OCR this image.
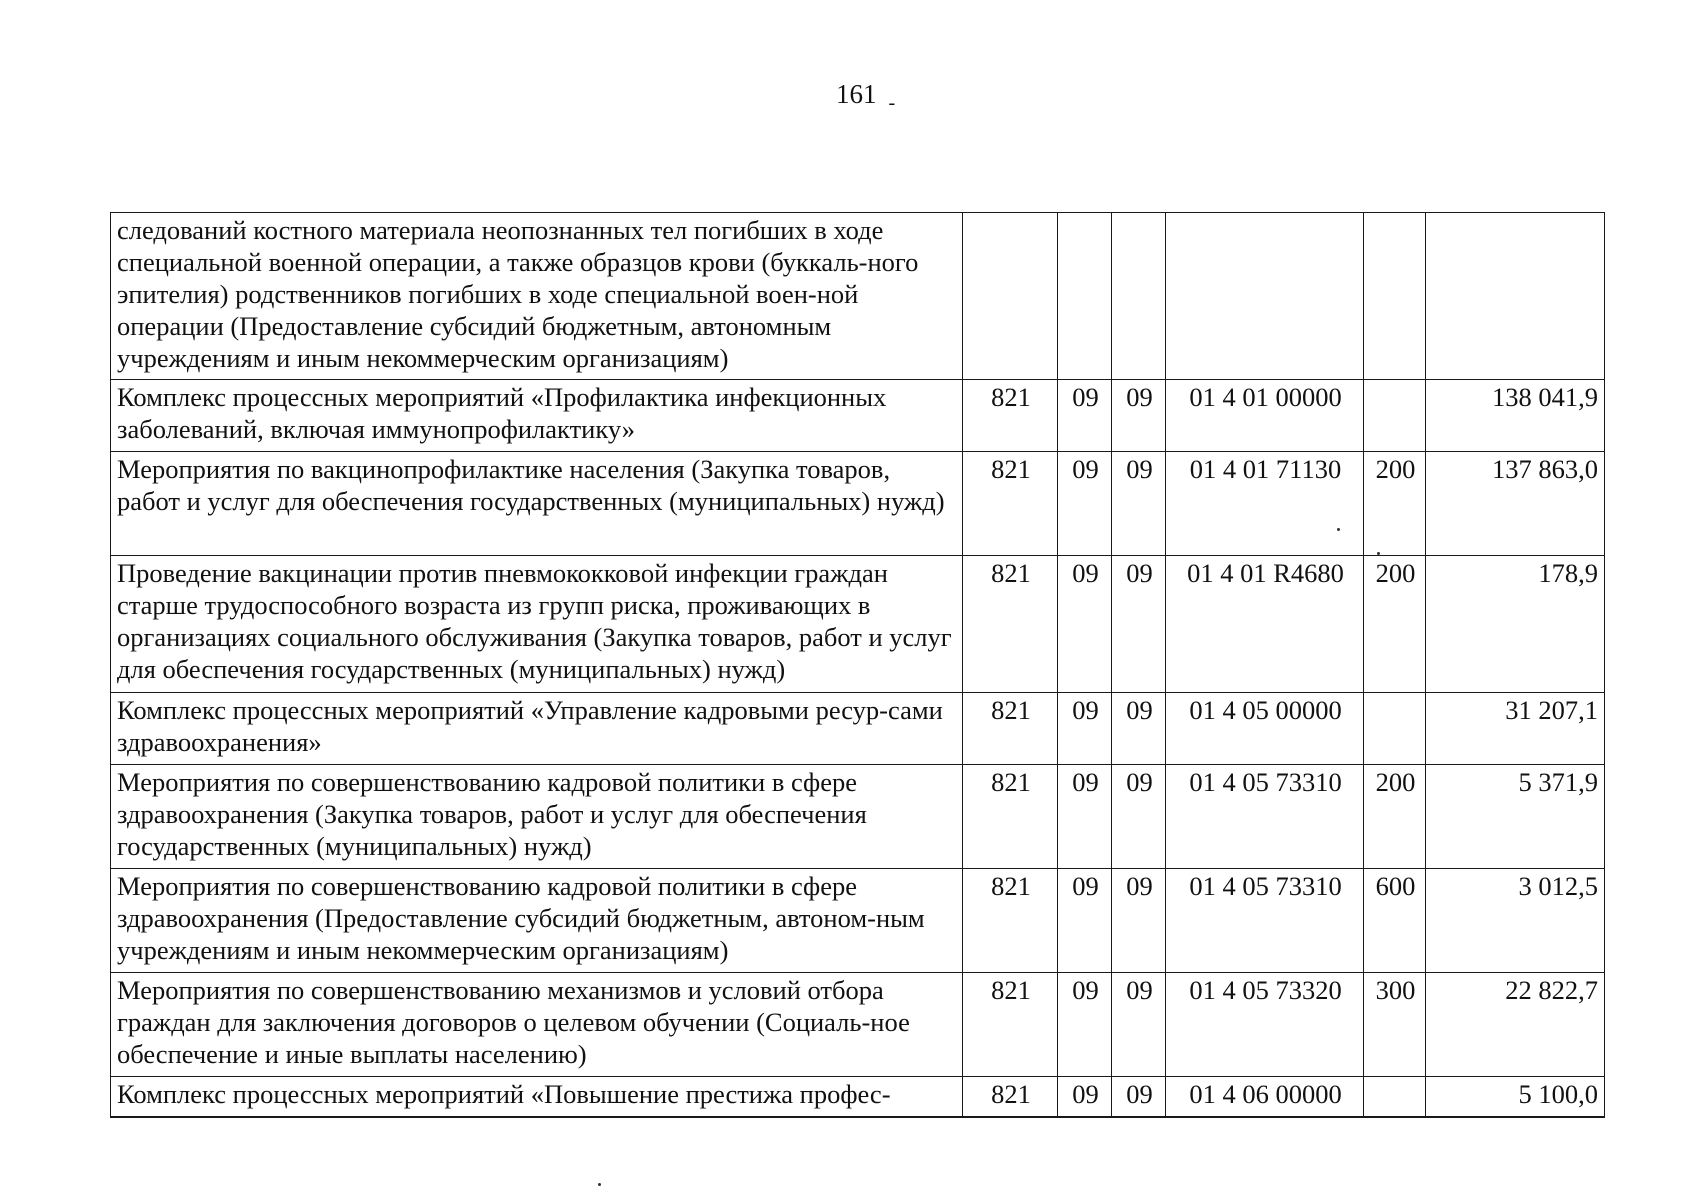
161 -
следований костного материала неопознанных тел погибших в ходе специальной военной операции, а также образцов крови (буккаль-ного эпителия) родственников погибших в ходе специальной воен-ной операции (Предоставление субсидий бюджетным, автономным учреждениям и иным некоммерческим организациям)						
Комплекс процессных мероприятий «Профилактика инфекционных заболеваний, включая иммунопрофилактику»	821	09	09	01 4 01 00000		138 041,9
Мероприятия по вакцинопрофилактике населения (Закупка товаров, работ и услуг для обеспечения государственных (муниципальных) нужд)	821	09	09	01 4 01 71130	200	137 863,0
Проведение вакцинации против пневмококковой инфекции граждан старше трудоспособного возраста из групп риска, проживающих в организациях социального обслуживания (Закупка товаров, работ и услуг для обеспечения государственных (муниципальных) нужд)	821	09	09	01 4 01 R4680	200	178,9
Комплекс процессных мероприятий «Управление кадровыми ресур-сами здравоохранения»	821	09	09	01 4 05 00000		31 207,1
Мероприятия по совершенствованию кадровой политики в сфере здравоохранения (Закупка товаров, работ и услуг для обеспечения государственных (муниципальных) нужд)	821	09	09	01 4 05 73310	200	5 371,9
Мероприятия по совершенствованию кадровой политики в сфере здравоохранения (Предоставление субсидий бюджетным, автоном-ным учреждениям и иным некоммерческим организациям)	821	09	09	01 4 05 73310	600	3 012,5
Мероприятия по совершенствованию механизмов и условий отбора граждан для заключения договоров о целевом обучении (Социаль-ное обеспечение и иные выплаты населению)	821	09	09	01 4 05 73320	300	22 822,7
Комплекс процессных мероприятий «Повышение престижа профес-	821	09	09	01 4 06 00000		5 100,0
